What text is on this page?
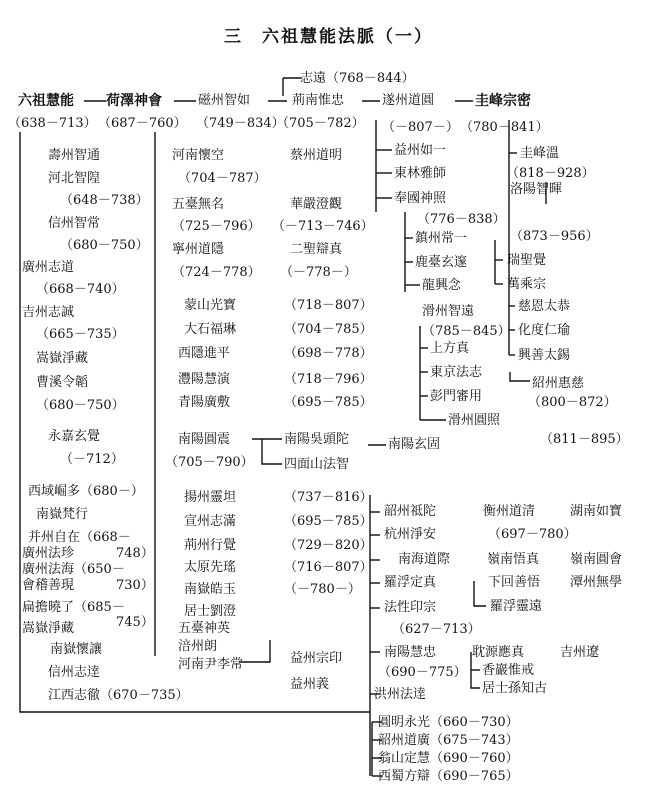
三　六祖慧能法脈（一）
志遠（768－844）
六祖慧能 荷澤神會	磁州智如	荊南惟忠	遂州道圓	圭峰宗密
（638－713） （687－760） （749－834）
（705－782） （－807－） （780－841）
壽州智通
河北智隍
（648－738）
信州智常
（680－750）
廣州志道
（668－740）
吉州志誠
（665－735）
嵩嶽淨藏
曹溪令韜
（680－750）
永嘉玄覺
（－712）
西域崛多（680－）
南嶽梵行
并州自在（668－
廣州法珍	748）
廣州法海（650－
會稽善現	730）
扁擔曉了（685－
745）
嵩嶽淨藏
南嶽懷讓
信州志逹
江西志徹（670－735）
河南懷空	蔡州道明
（704－787）
五臺無名	華嚴澄觀
（725－796） （－713－746）
寧州道隱	二聖辯真
（724－778） （－778－）
蒙山光寶	（718－807）
大石福琳	（704－785）
西隱進平	（698－778）
灃陽慧演	（718－796）
青陽廣敷	（695－785）
南陽圓震
（705－790）
南陽吳頭陀
四面山法智
南陽玄固
揚州靈坦	（737－816）
宣州志滿	（695－785）
荊州行覺	（729－820）
太原先瑤	（716－807）
南嶽皓玉	（－780－）
居士劉澄
五臺神英
涪州朗
河南尹李常	益州宗印
益州義
益州如一
東林雅師
奉國神照
（776－838）
鎮州常一
鹿臺玄邃
龍興念
滑州智遠
（785－845）
上方真
東京法志
彭門審用
滑州圓照
（811－895）
圭峰溫
（818－928）
洛陽智暉
（873－956）
瑞聖覺
萬乘宗
慈恩太恭
化度仁瑜
興善太錫
紹州惠慈
（800－872）
韶州祗陀	衡州道清	湖南如寶
杭州淨安	（697－780）
南海道際	嶺南悟真 嶺南圓會
羅浮定真	下回善悟 潭州無學
羅浮靈遠
法性印宗
（627－713）
南陽慧忠	耽源應真	吉州遼
（690－775） 香巖惟戒
居士孫知古
洪州法逹
圓明永光（660－730）
韶州道廣（675－743）
翁山定慧（690－760）
西蜀方辯（690－765）
